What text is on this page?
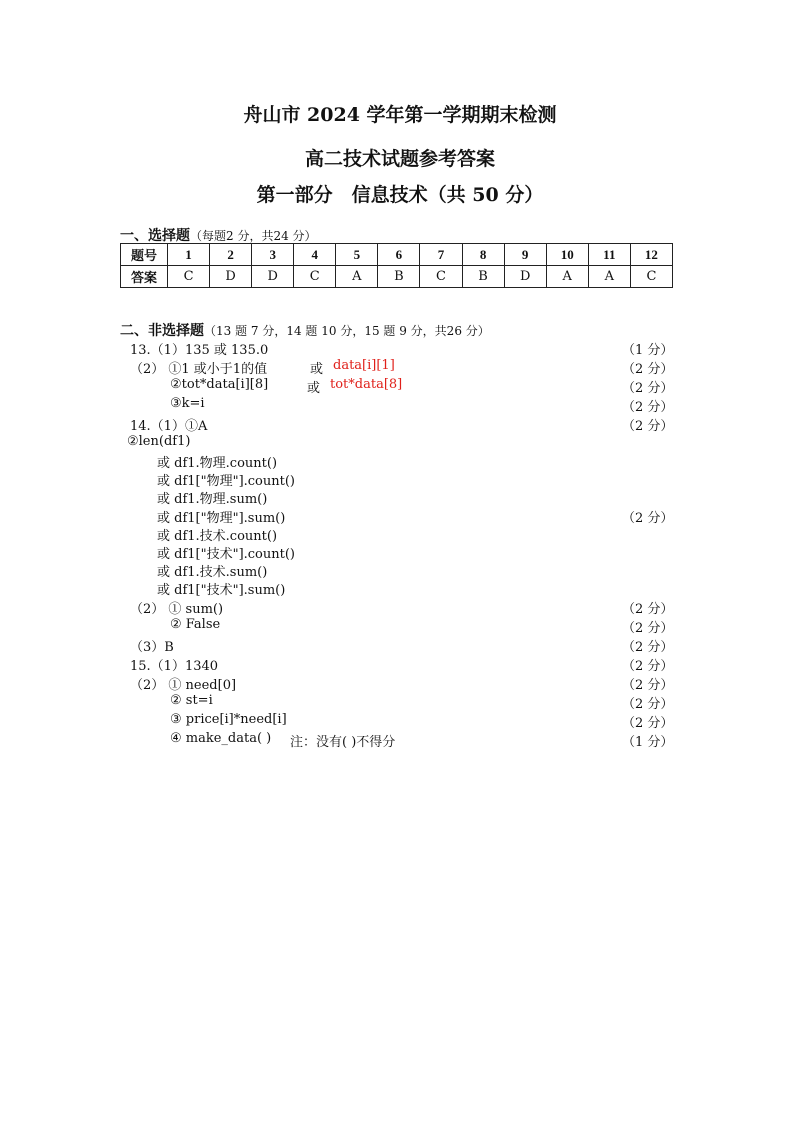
舟山市 2024 学年第一学期期末检测
高二技术试题参考答案
第一部分　信息技术（共 50 分）
一、选择题（每题2 分，共24 分）
题号	1	2	3	4	5	6	7	8	9	10	11	12
答案	C	D	D	C	A	B	C	B	D	A	A	C
二、非选择题（13 题 7 分，14 题 10 分，15 题 9 分，共26 分）
13.（1）135 或 135.0	（1 分）
（2） ①1 或小于1的值	或 data[i][1]	（2 分）
②tot*data[i][8]	或 tot*data[8]	（2 分）
③k=i	（2 分）
14.（1）①A	（2 分）
②len(df1)
或 df1.物理.count()
或 df1["物理"].count()
或 df1.物理.sum()
或 df1["物理"].sum()	（2 分）
或 df1.技术.count()
或 df1["技术"].count()
或 df1.技术.sum()
或 df1["技术"].sum()
（2） ① sum()	（2 分）
② False	（2 分）
（3）B	（2 分）
15.（1）1340	（2 分）
（2） ① need[0]	（2 分）
② st=i	（2 分）
③ price[i]*need[i]	（2 分）
④ make_data( ) 注：没有( )不得分	（1 分）
